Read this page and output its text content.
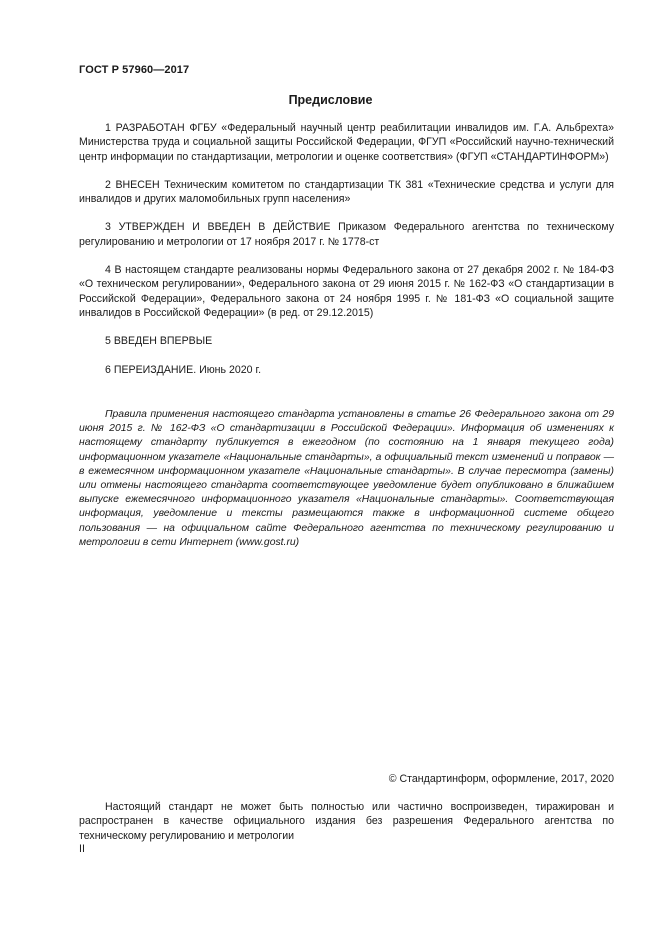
ГОСТ Р 57960—2017
Предисловие

1 РАЗРАБОТАН ФГБУ «Федеральный научный центр реабилитации инвалидов им. Г.А. Альбрехта» Министерства труда и социальной защиты Российской Федерации, ФГУП «Российский научно-технический центр информации по стандартизации, метрологии и оценке соответствия» (ФГУП «СТАНДАРТИНФОРМ»)

2 ВНЕСЕН Техническим комитетом по стандартизации ТК 381 «Технические средства и услуги для инвалидов и других маломобильных групп населения»

3 УТВЕРЖДЕН И ВВЕДЕН В ДЕЙСТВИЕ Приказом Федерального агентства по техническому регулированию и метрологии от 17 ноября 2017 г. № 1778-ст

4 В настоящем стандарте реализованы нормы Федерального закона от 27 декабря 2002 г. № 184-ФЗ «О техническом регулировании», Федерального закона от 29 июня 2015 г. № 162-ФЗ «О стандартизации в Российской Федерации», Федерального закона от 24 ноября 1995 г. № 181-ФЗ «О социальной защите инвалидов в Российской Федерации» (в ред. от 29.12.2015)

5 ВВЕДЕН ВПЕРВЫЕ

6 ПЕРЕИЗДАНИЕ. Июнь 2020 г.

Правила применения настоящего стандарта установлены в статье 26 Федерального закона от 29 июня 2015 г. № 162-ФЗ «О стандартизации в Российской Федерации». Информация об изменениях к настоящему стандарту публикуется в ежегодном (по состоянию на 1 января текущего года) информационном указателе «Национальные стандарты», а официальный текст изменений и поправок — в ежемесячном информационном указателе «Национальные стандарты». В случае пересмотра (замены) или отмены настоящего стандарта соответствующее уведомление будет опубликовано в ближайшем выпуске ежемесячного информационного указателя «Национальные стандарты». Соответствующая информация, уведомление и тексты размещаются также в информационной системе общего пользования — на официальном сайте Федерального агентства по техническому регулированию и метрологии в сети Интернет (www.gost.ru)
© Стандартинформ, оформление, 2017, 2020
Настоящий стандарт не может быть полностью или частично воспроизведен, тиражирован и распространен в качестве официального издания без разрешения Федерального агентства по техническому регулированию и метрологии
II
